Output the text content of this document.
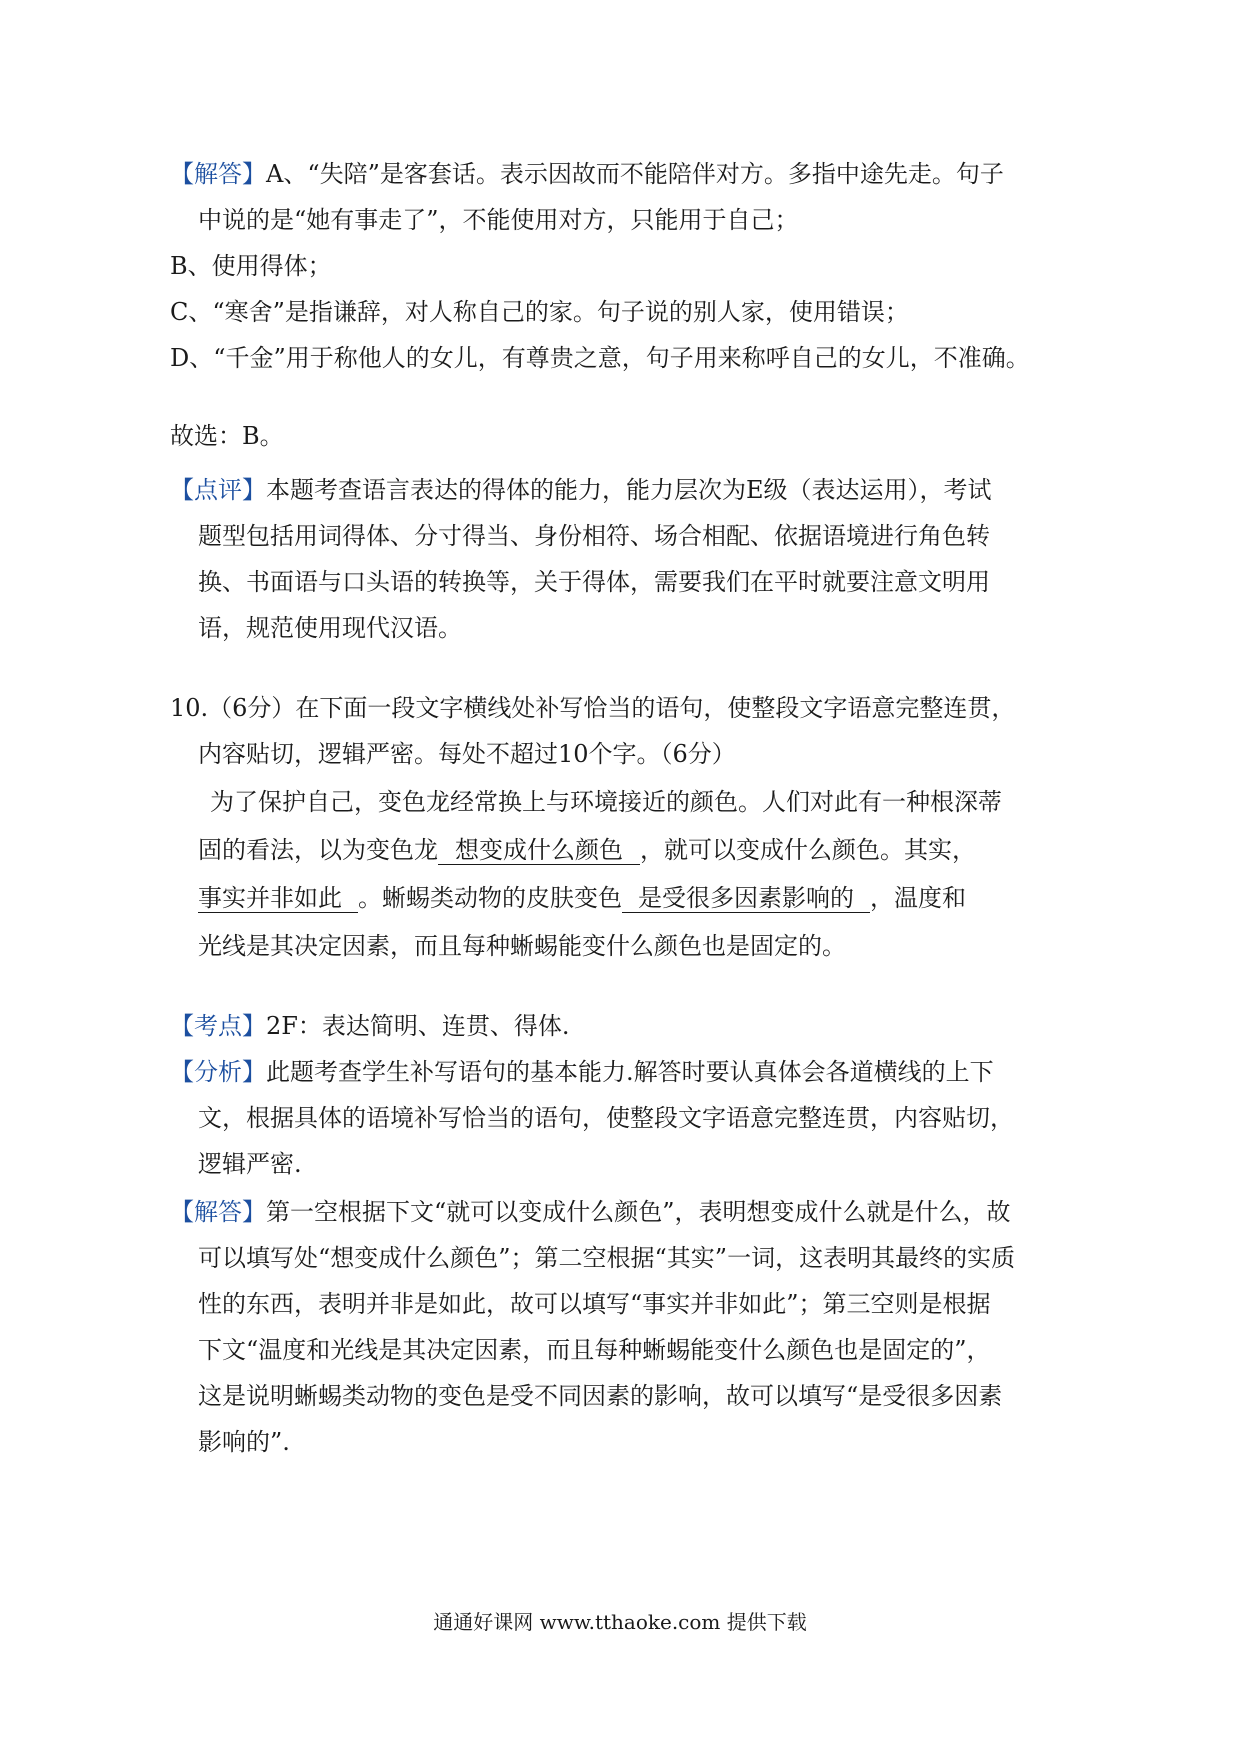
【解答】A、“失陪”是客套话。表示因故而不能陪伴对方。多指中途先走。句子
中说的是“她有事走了”，不能使用对方，只能用于自己；
B、使用得体；
C、“寒舍”是指谦辞，对人称自己的家。句子说的别人家，使用错误；
D、“千金”用于称他人的女儿，有尊贵之意，句子用来称呼自己的女儿，不准确。
故选：B。
【点评】本题考查语言表达的得体的能力，能力层次为E级（表达运用），考试
题型包括用词得体、分寸得当、身份相符、场合相配、依据语境进行角色转
换、书面语与口头语的转换等，关于得体，需要我们在平时就要注意文明用
语，规范使用现代汉语。
10.（6分）在下面一段文字横线处补写恰当的语句，使整段文字语意完整连贯，
内容贴切，逻辑严密。每处不超过10个字。（6分）
为了保护自己，变色龙经常换上与环境接近的颜色。人们对此有一种根深蒂
固的看法，以为变色龙 想变成什么颜色 ，就可以变成什么颜色。其实，
事实并非如此 。蜥蜴类动物的皮肤变色 是受很多因素影响的 ，温度和
光线是其决定因素，而且每种蜥蜴能变什么颜色也是固定的。
【考点】2F：表达简明、连贯、得体.
【分析】此题考查学生补写语句的基本能力.解答时要认真体会各道横线的上下
文，根据具体的语境补写恰当的语句，使整段文字语意完整连贯，内容贴切，
逻辑严密.
【解答】第一空根据下文“就可以变成什么颜色”，表明想变成什么就是什么，故
可以填写处“想变成什么颜色”；第二空根据“其实”一词，这表明其最终的实质
性的东西，表明并非是如此，故可以填写“事实并非如此”；第三空则是根据
下文“温度和光线是其决定因素，而且每种蜥蜴能变什么颜色也是固定的”，
这是说明蜥蜴类动物的变色是受不同因素的影响，故可以填写“是受很多因素
影响的”.
通通好课网 www.tthaoke.com 提供下载
